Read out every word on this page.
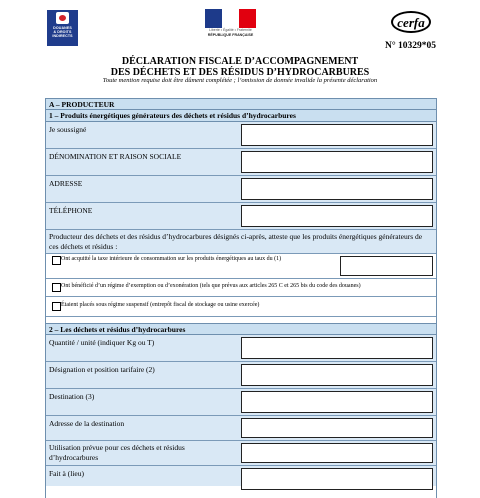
DOUANES
& DROITS
INDIRECTS
Liberté • Égalité • Fraternité
RÉPUBLIQUE FRANÇAISE
cerfa
N° 10329*05
DÉCLARATION FISCALE D’ACCOMPAGNEMENT
DES DÉCHETS ET DES RÉSIDUS D’HYDROCARBURES
Toute mention requise doit être dûment complétée ; l’omission de donnée invalide la présente déclaration
A – PRODUCTEUR
1 – Produits énergétiques générateurs des déchets et résidus d’hydrocarbures
Je soussigné
DÉNOMINATION ET RAISON SOCIALE
ADRESSE
TÉLÉPHONE
Producteur des déchets et des résidus d’hydrocarbures désignés ci-après, atteste que les produits énergétiques générateurs de ces déchets et résidus :
Ont acquitté la taxe intérieure de consommation sur les produits énergétiques au taux du (1)
Ont bénéficié d’un régime d’exemption ou d’exonération (tels que prévus aux articles 265 C et 265 bis du code des douanes)
Étaient placés sous régime suspensif (entrepôt fiscal de stockage ou usine exercée)
2 – Les déchets et résidus d’hydrocarbures
Quantité / unité (indiquer Kg ou T)
Désignation et position tarifaire (2)
Destination (3)
Adresse de la destination
Utilisation prévue pour ces déchets et résidus d’hydrocarbures
Fait à (lieu)
